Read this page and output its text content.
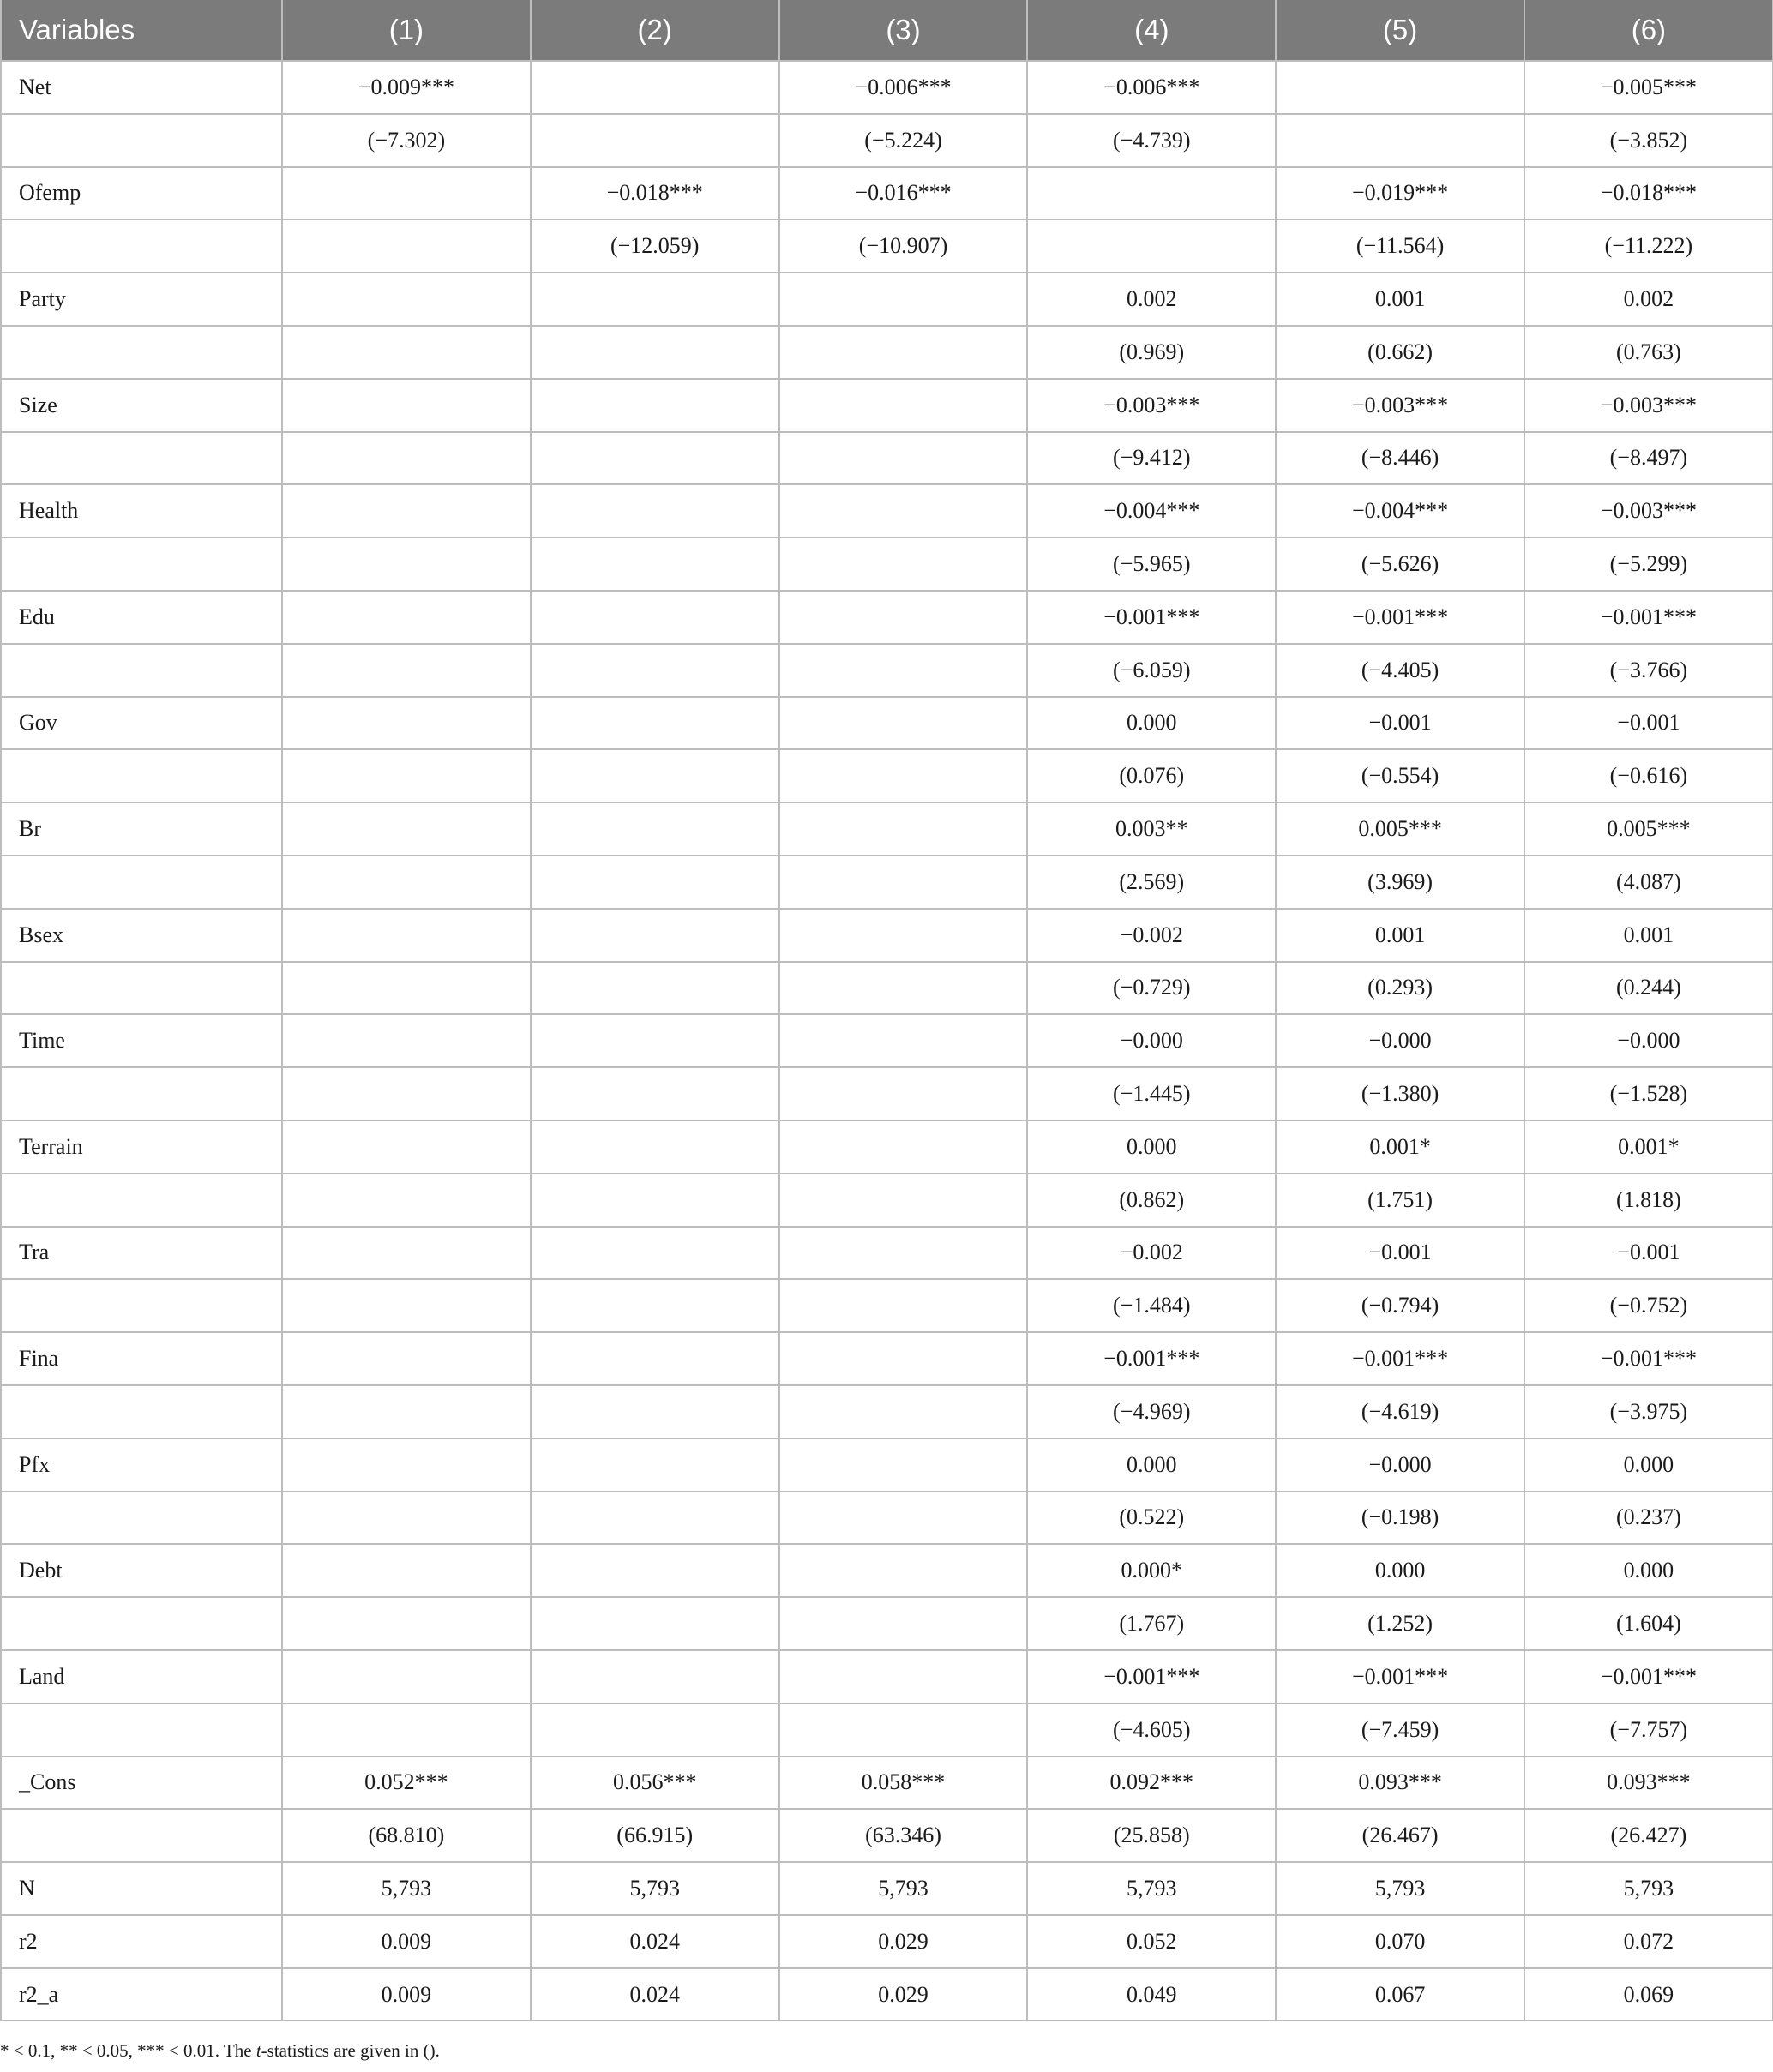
Variables	(1)	(2)	(3)	(4)	(5)	(6)
Net	−0.009***		−0.006***	−0.006***		−0.005***
	(−7.302)		(−5.224)	(−4.739)		(−3.852)
Ofemp		−0.018***	−0.016***		−0.019***	−0.018***
		(−12.059)	(−10.907)		(−11.564)	(−11.222)
Party				0.002	0.001	0.002
				(0.969)	(0.662)	(0.763)
Size				−0.003***	−0.003***	−0.003***
				(−9.412)	(−8.446)	(−8.497)
Health				−0.004***	−0.004***	−0.003***
				(−5.965)	(−5.626)	(−5.299)
Edu				−0.001***	−0.001***	−0.001***
				(−6.059)	(−4.405)	(−3.766)
Gov				0.000	−0.001	−0.001
				(0.076)	(−0.554)	(−0.616)
Br				0.003**	0.005***	0.005***
				(2.569)	(3.969)	(4.087)
Bsex				−0.002	0.001	0.001
				(−0.729)	(0.293)	(0.244)
Time				−0.000	−0.000	−0.000
				(−1.445)	(−1.380)	(−1.528)
Terrain				0.000	0.001*	0.001*
				(0.862)	(1.751)	(1.818)
Tra				−0.002	−0.001	−0.001
				(−1.484)	(−0.794)	(−0.752)
Fina				−0.001***	−0.001***	−0.001***
				(−4.969)	(−4.619)	(−3.975)
Pfx				0.000	−0.000	0.000
				(0.522)	(−0.198)	(0.237)
Debt				0.000*	0.000	0.000
				(1.767)	(1.252)	(1.604)
Land				−0.001***	−0.001***	−0.001***
				(−4.605)	(−7.459)	(−7.757)
_Cons	0.052***	0.056***	0.058***	0.092***	0.093***	0.093***
	(68.810)	(66.915)	(63.346)	(25.858)	(26.467)	(26.427)
N	5,793	5,793	5,793	5,793	5,793	5,793
r2	0.009	0.024	0.029	0.052	0.070	0.072
r2_a	0.009	0.024	0.029	0.049	0.067	0.069
* < 0.1, ** < 0.05, *** < 0.01. The t-statistics are given in ().
